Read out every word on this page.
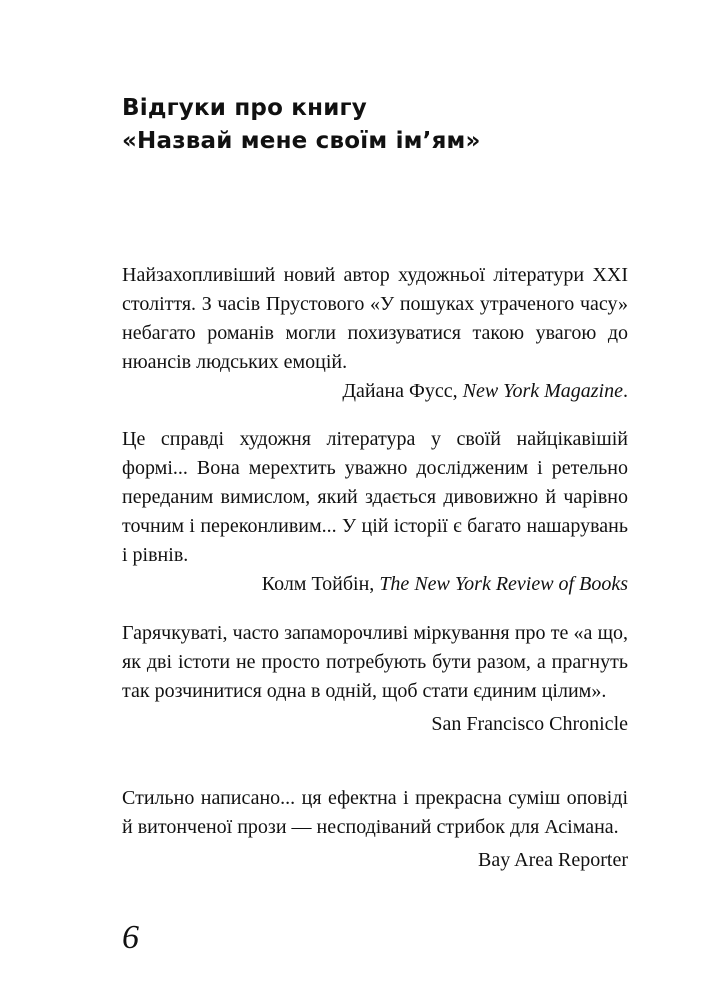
Відгуки про книгу
«Назвай мене своїм ім’ям»

Найзахопливіший новий автор художньої літератури XXI століття. З часів Прустового «У пошуках утраченого часу» небагато романів могли похизуватися такою увагою до нюансів людських емоцій.

Дайана Фусс, New York Magazine.

Це справді художня література у своїй найцікавішій формі... Вона мерехтить уважно дослідженим і ретельно переданим вимислом, який здається дивовижно й чарівно точним і переконливим... У цій історії є багато нашарувань і рівнів.

Колм Тойбін, The New York Review of Books

Гарячкуваті, часто запаморочливі міркування про те «а що, як дві істоти не просто потребують бути разом, а прагнуть так розчинитися одна в одній, щоб стати єдиним цілим».

San Francisco Chronicle

Стильно написано... ця ефектна і прекрасна суміш оповіді й витонченої прози — несподіваний стрибок для Асімана.

Bay Area Reporter
6
